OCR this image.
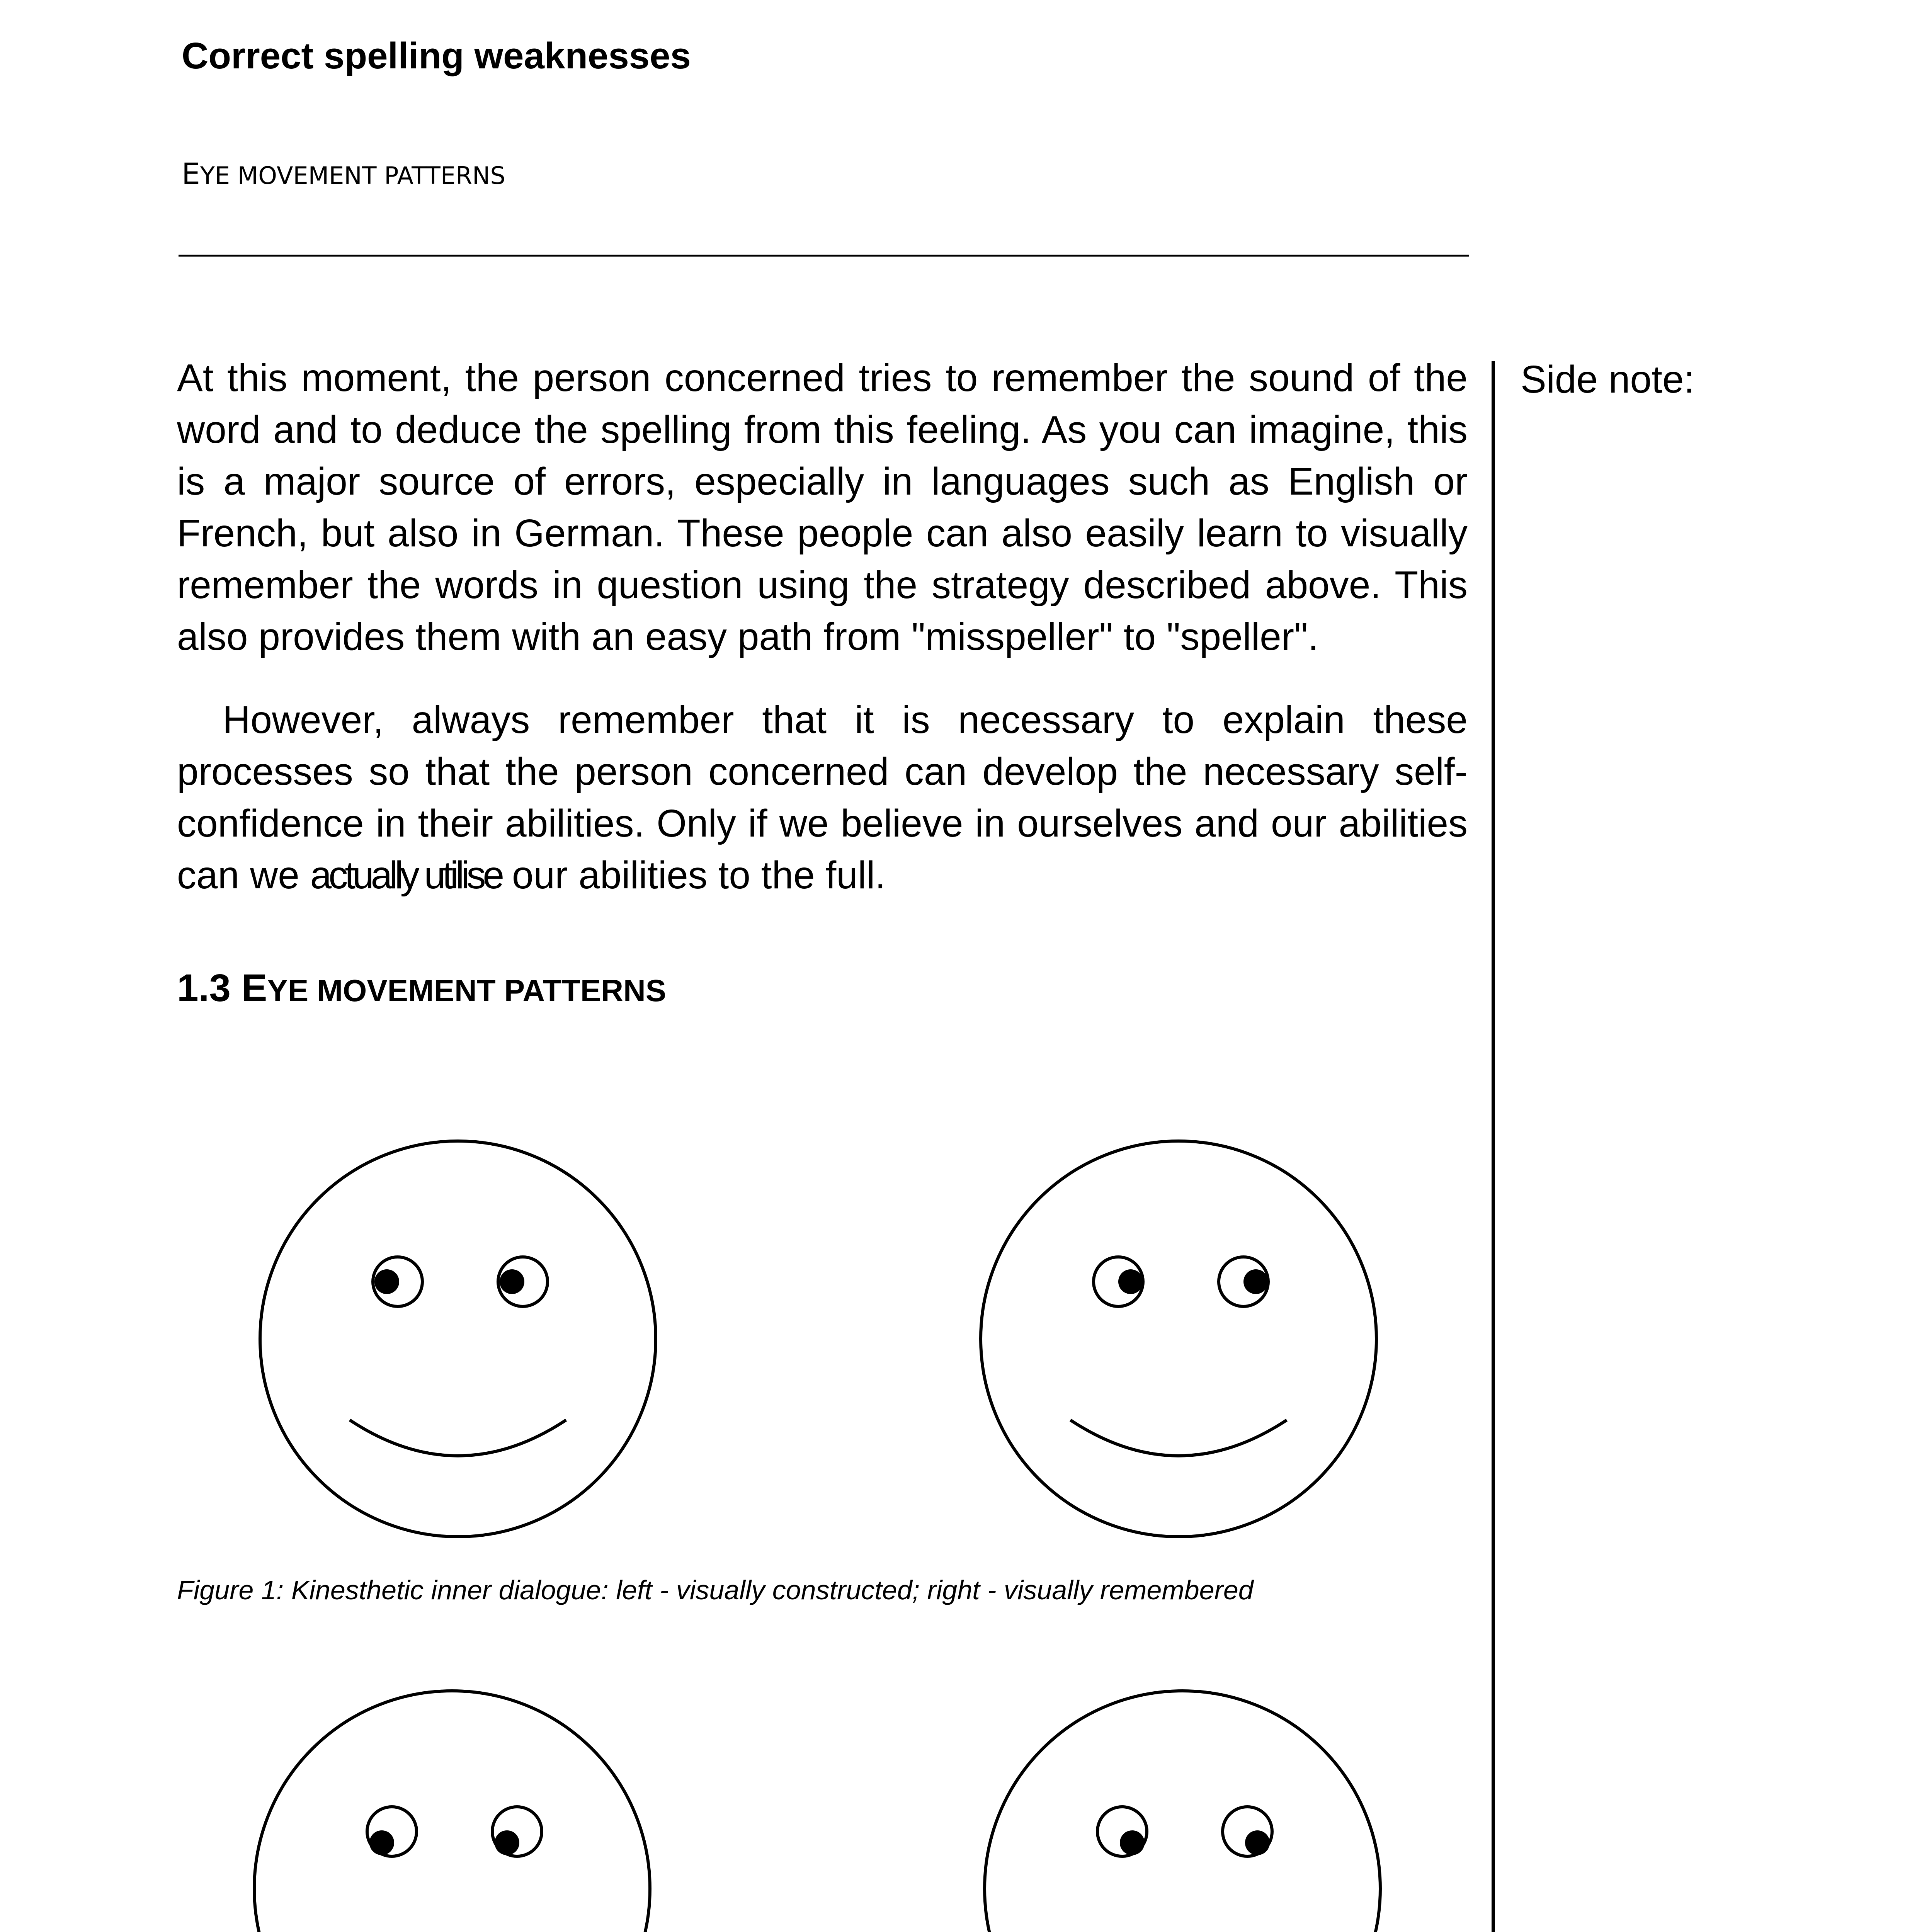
Correct spelling weaknesses
EYE MOVEMENT PATTERNS
Side note:

At this moment, the person concerned tries to remember the sound of the word and to deduce the spelling from this feeling. As you can imagine, this is a major source of errors, especially in languages such as English or French, but also in German. These people can also easily learn to visually remember the words in question using the strategy described above. This also provides them with an easy path from "misspeller" to "speller".

However, always remember that it is necessary to explain these processes so that the person concerned can develop the necessary self-confidence in their abilities. Only if we believe in ourselves and our abilities can we actually utilise our abilities to the full.

1.3 EYE MOVEMENT PATTERNS
Figure 1: Kinesthetic inner dialogue: left - visually constructed; right - visually remembered
